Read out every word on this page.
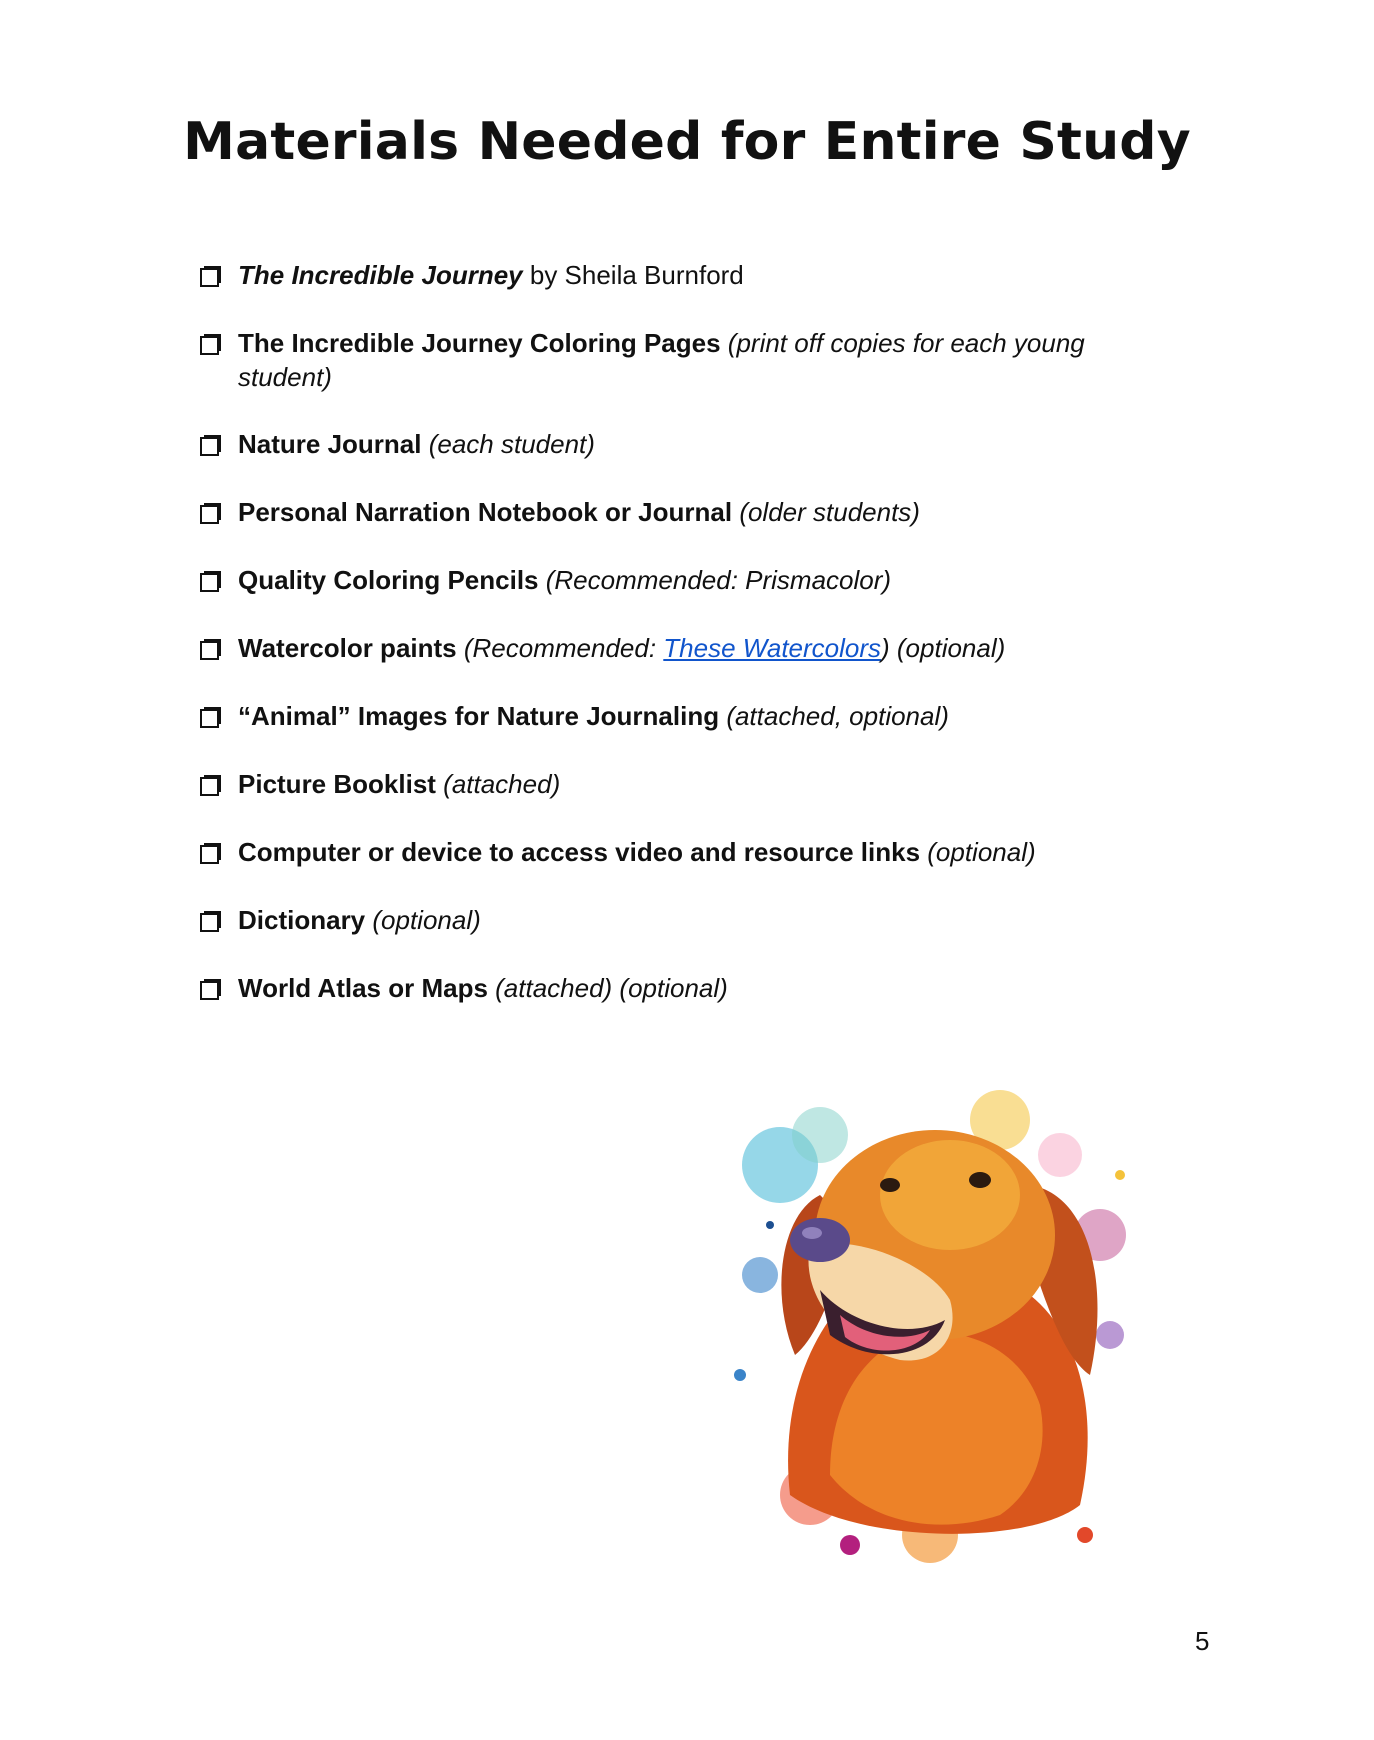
Materials Needed for Entire Study
The Incredible Journey by Sheila Burnford
The Incredible Journey Coloring Pages (print off copies for each young student)
Nature Journal (each student)
Personal Narration Notebook or Journal (older students)
Quality Coloring Pencils (Recommended: Prismacolor)
Watercolor paints (Recommended: These Watercolors) (optional)
“Animal” Images for Nature Journaling (attached, optional)
Picture Booklist (attached)
Computer or device to access video and resource links (optional)
Dictionary (optional)
World Atlas or Maps (attached) (optional)
5
